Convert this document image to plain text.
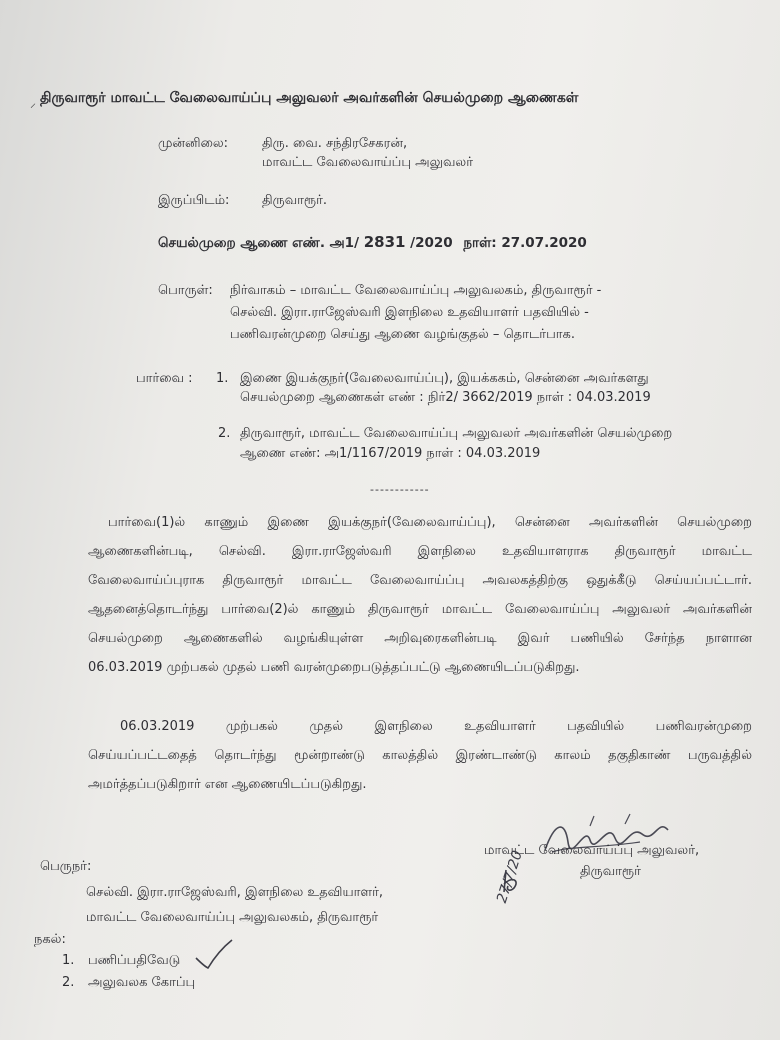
⸝ திருவாரூர் மாவட்ட வேலைவாய்ப்பு அலுவலர் அவர்களின் செயல்முறை ஆணைகள்
முன்னிலை:	திரு. வை. சந்திரசேகரன்,
மாவட்ட வேலைவாய்ப்பு அலுவலர்
இருப்பிடம்:	திருவாரூர்.
செயல்முறை ஆணை எண். அ1/ 2831 /2020 நாள்: 27.07.2020
பொருள்: நிர்வாகம் – மாவட்ட வேலைவாய்ப்பு அலுவலகம், திருவாரூர் -
செல்வி. இரா.ராஜேஸ்வரி இளநிலை உதவியாளர் பதவியில் -
பணிவரன்முறை செய்து ஆணை வழங்குதல் – தொடர்பாக.
பார்வை : 1. இணை இயக்குநர்(வேலைவாய்ப்பு), இயக்ககம், சென்னை அவர்களது
செயல்முறை ஆணைகள் எண் : நிர்2/ 3662/2019 நாள் : 04.03.2019
2. திருவாரூர், மாவட்ட வேலைவாய்ப்பு அலுவலர் அவர்களின் செயல்முறை
ஆணை எண்: அ1/1167/2019 நாள் : 04.03.2019
------------
பார்வை(1)ல் காணும் இணை இயக்குநர்(வேலைவாய்ப்பு), சென்னை அவர்களின் செயல்முறை
ஆணைகளின்படி, செல்வி. இரா.ராஜேஸ்வரி இளநிலை உதவியாளராக திருவாரூர் மாவட்ட
வேலைவாய்ப்புராக திருவாரூர் மாவட்ட வேலைவாய்ப்பு அவலகத்திற்கு ஒதுக்கீடு செய்யப்பட்டார்.
ஆதனைத்தொடர்ந்து பார்வை(2)ல் காணும் திருவாரூர் மாவட்ட வேலைவாய்ப்பு அலுவலர் அவர்களின்
செயல்முறை ஆணைகளில் வழங்கியுள்ள அறிவுரைகளின்படி இவர் பணியில் சேர்ந்த நாளான
06.03.2019 முற்பகல் முதல் பணி வரன்முறைபடுத்தப்பட்டு ஆணையிடப்படுகிறது.
06.03.2019 முற்பகல் முதல் இளநிலை உதவியாளர் பதவியில் பணிவரன்முறை
செய்யப்பட்டதைத் தொடர்ந்து மூன்றாண்டு காலத்தில் இரண்டாண்டு காலம் தகுதிகாண் பருவத்தில்
அமர்த்தப்படுகிறார் என ஆணையிடப்படுகிறது.
மாவட்ட வேலைவாய்ப்பு அலுவலர்,
திருவாரூர்
27/7/20
பெருநர்:
செல்வி. இரா.ராஜேஸ்வரி, இளநிலை உதவியாளர்,
மாவட்ட வேலைவாய்ப்பு அலுவலகம், திருவாரூர்
நகல்:
1. பணிப்பதிவேடு
2. அலுவலக கோப்பு
